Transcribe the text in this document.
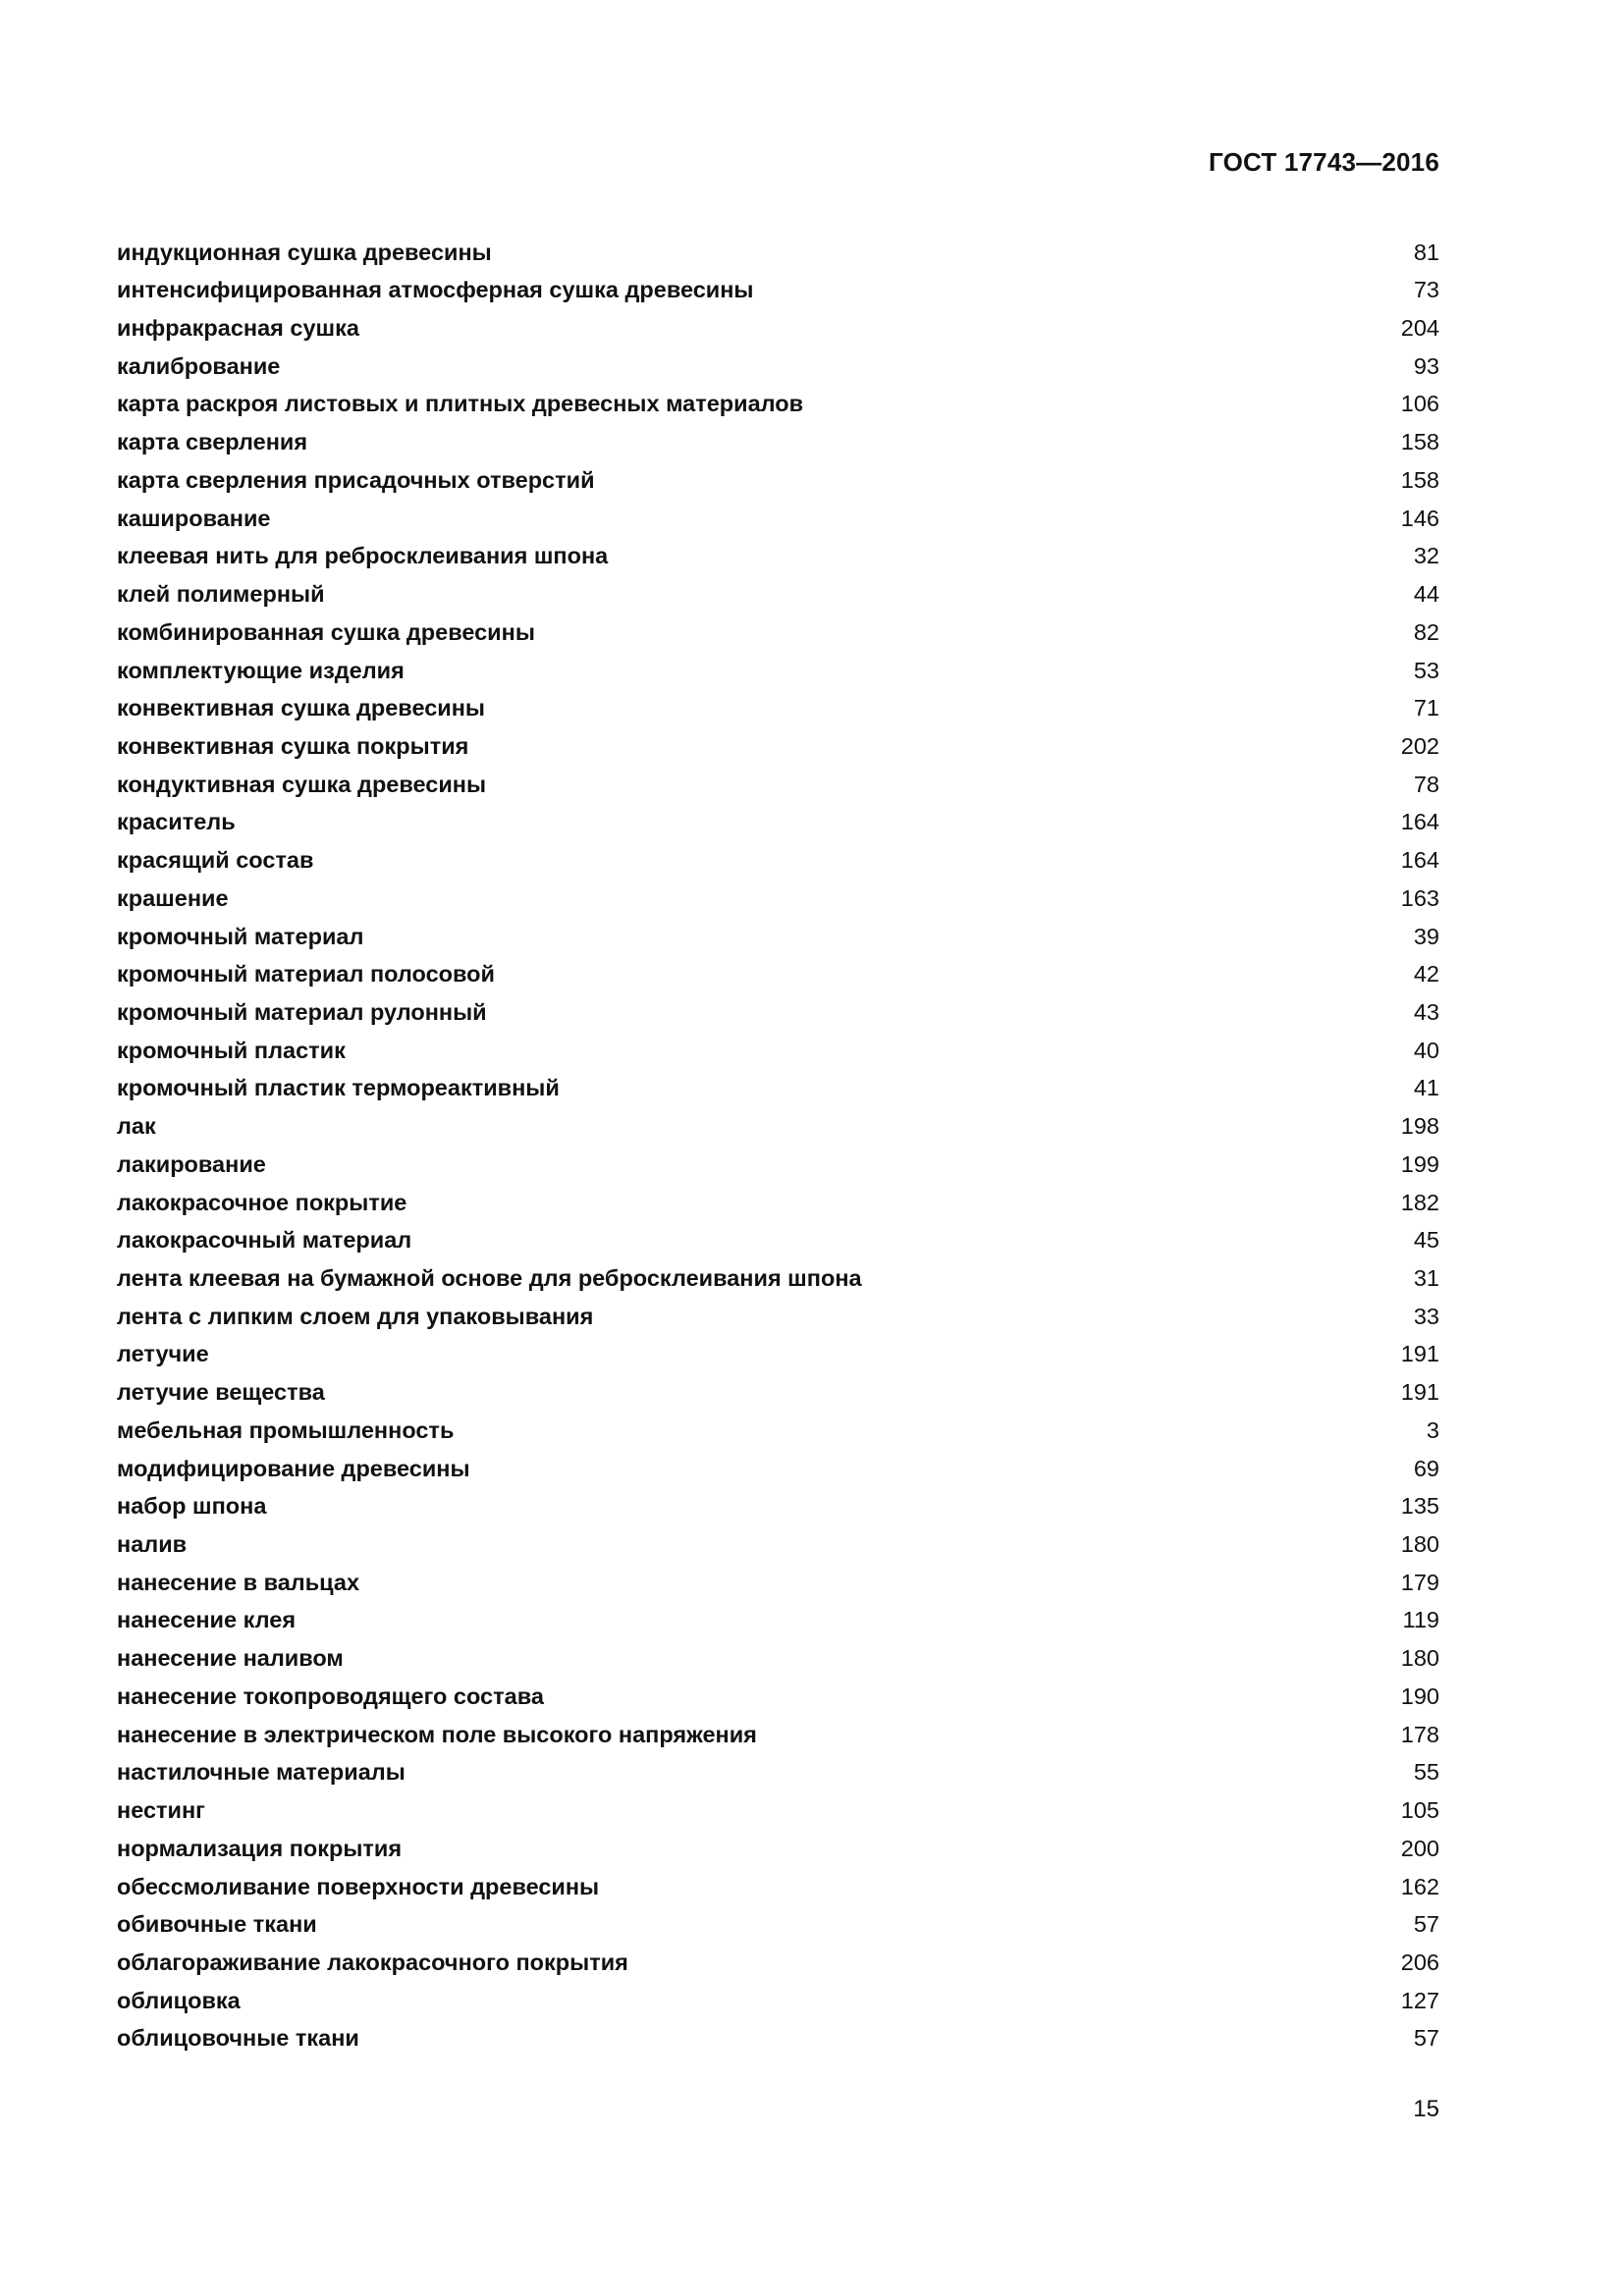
ГОСТ 17743—2016
индукционная сушка древесины	81
интенсифицированная атмосферная сушка древесины	73
инфракрасная сушка	204
калибрование	93
карта раскроя листовых и плитных древесных материалов	106
карта сверления	158
карта сверления присадочных отверстий	158
каширование	146
клеевая нить для ребросклеивания шпона	32
клей полимерный	44
комбинированная сушка древесины	82
комплектующие изделия	53
конвективная сушка древесины	71
конвективная сушка покрытия	202
кондуктивная сушка древесины	78
краситель	164
красящий состав	164
крашение	163
кромочный материал	39
кромочный материал полосовой	42
кромочный материал рулонный	43
кромочный пластик	40
кромочный пластик термореактивный	41
лак	198
лакирование	199
лакокрасочное покрытие	182
лакокрасочный материал	45
лента клеевая на бумажной основе для ребросклеивания шпона	31
лента с липким слоем для упаковывания	33
летучие	191
летучие вещества	191
мебельная промышленность	3
модифицирование древесины	69
набор шпона	135
налив	180
нанесение в вальцах	179
нанесение клея	119
нанесение наливом	180
нанесение токопроводящего состава	190
нанесение в электрическом поле высокого напряжения	178
настилочные материалы	55
нестинг	105
нормализация покрытия	200
обессмоливание поверхности древесины	162
обивочные ткани	57
облагораживание лакокрасочного покрытия	206
облицовка	127
облицовочные ткани	57
15
